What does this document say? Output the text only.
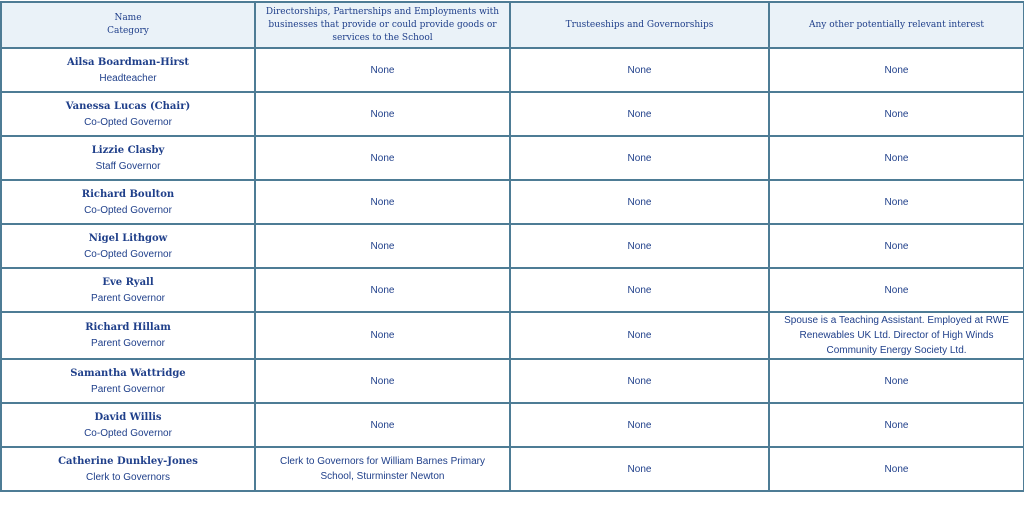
Name
Category	Directorships, Partnerships and Employments with businesses that provide or could provide goods or services to the School	Trusteeships and Governorships	Any other potentially relevant interest

Ailsa Boardman-Hirst
Headteacher	None	None	None

Vanessa Lucas (Chair)
Co-Opted Governor	None	None	None

Lizzie Clasby
Staff Governor	None	None	None

Richard Boulton
Co-Opted Governor	None	None	None

Nigel Lithgow
Co-Opted Governor	None	None	None

Eve Ryall
Parent Governor	None	None	None

Richard Hillam
Parent Governor	None	None	Spouse is a Teaching Assistant. Employed at RWE Renewables UK Ltd. Director of High Winds Community Energy Society Ltd.

Samantha Wattridge
Parent Governor	None	None	None

David Willis
Co-Opted Governor	None	None	None

Catherine Dunkley-Jones
Clerk to Governors	Clerk to Governors for William Barnes Primary School, Sturminster Newton	None	None
